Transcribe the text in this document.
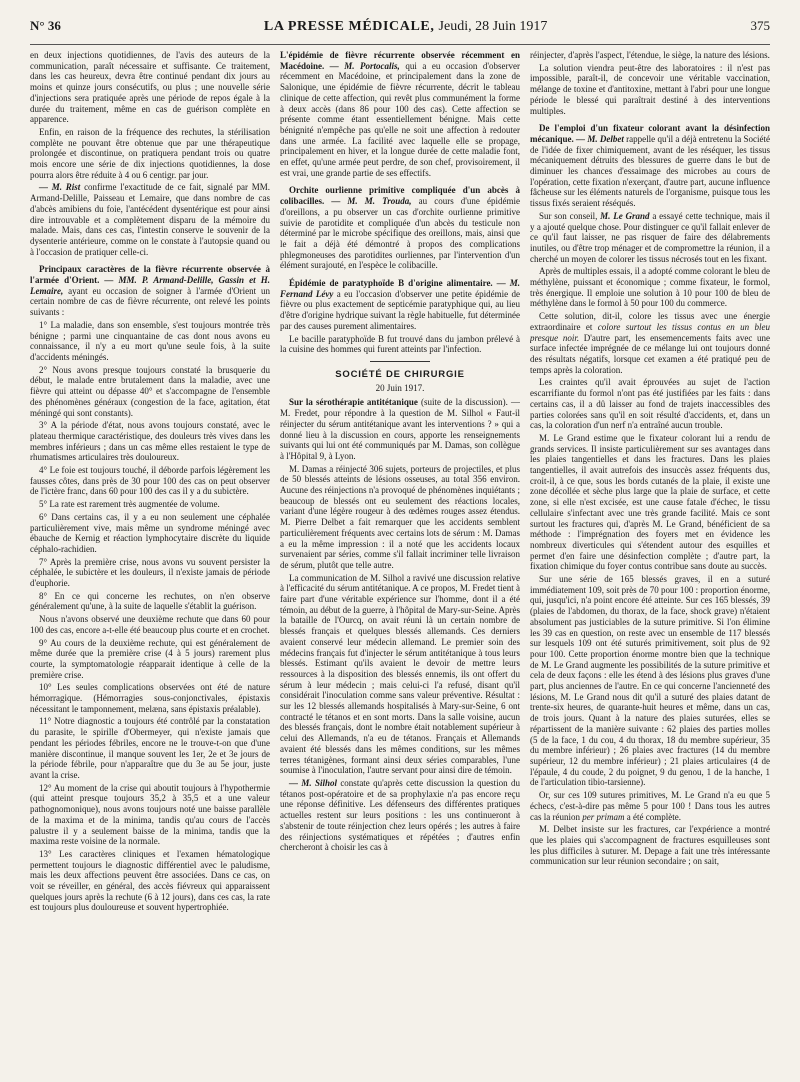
N° 36	LA PRESSE MÉDICALE, Jeudi, 28 Juin 1917	375

en deux injections quotidiennes, de l'avis des auteurs de la communication, paraît nécessaire et suffisante. Ce traitement, dans les cas heureux, devra être continué pendant dix jours au moins et quinze jours consécutifs, ou plus ; une nouvelle série d'injections sera pratiquée après une période de repos égale à la durée du traitement, même en cas de guérison complète en apparence.

Enfin, en raison de la fréquence des rechutes, la stérilisation complète ne pouvant être obtenue que par une thérapeutique prolongée et discontinue, on pratiquera pendant trois ou quatre mois encore une série de dix injections quotidiennes, la dose pourra alors être réduite à 4 ou 6 centigr. par jour.

— M. Rist confirme l'exactitude de ce fait, signalé par MM. Armand-Delille, Paisseau et Lemaire, que dans nombre de cas d'abcès amibiens du foie, l'antécédent dysentérique est pour ainsi dire introuvable et a complètement disparu de la mémoire du malade. Mais, dans ces cas, l'intestin conserve le souvenir de la dysenterie antérieure, comme on le constate à l'autopsie quand ou à l'occasion de pratiquer celle-ci.

Principaux caractères de la fièvre récurrente observée à l'armée d'Orient. — MM. P. Armand-Delille, Gassin et H. Lemaire, ayant eu occasion de soigner à l'armée d'Orient un certain nombre de cas de fièvre récurrente, ont relevé les points suivants :

1° La maladie, dans son ensemble, s'est toujours montrée très bénigne ; parmi une cinquantaine de cas dont nous avons eu connaissance, il n'y a eu mort qu'une seule fois, à la suite d'accidents méningés.

2° Nous avons presque toujours constaté la brusquerie du début, le malade entre brutalement dans la maladie, avec une fièvre qui atteint ou dépasse 40° et s'accompagne de l'ensemble des phénomènes généraux (congestion de la face, agitation, état méningé qui sont constants).

3° A la période d'état, nous avons toujours constaté, avec le plateau thermique caractéristique, des douleurs très vives dans les membres inférieurs ; dans un cas même elles restaient le type de rhumatismes articulaires très douloureux.

4° Le foie est toujours touché, il déborde parfois légèrement les fausses côtes, dans près de 30 pour 100 des cas on peut observer de l'ictère franc, dans 60 pour 100 des cas il y a du subictère.

5° La rate est rarement très augmentée de volume.

6° Dans certains cas, il y a eu non seulement une céphalée particulièrement vive, mais même un syndrome méningé avec ébauche de Kernig et réaction lymphocytaire discrète du liquide céphalo-rachidien.

7° Après la première crise, nous avons vu souvent persister la céphalée, le subictère et les douleurs, il n'existe jamais de période d'euphorie.

8° En ce qui concerne les rechutes, on n'en observe généralement qu'une, à la suite de laquelle s'établit la guérison.

Nous n'avons observé une deuxième rechute que dans 60 pour 100 des cas, encore a-t-elle été beaucoup plus courte et en crochet.

9° Au cours de la deuxième rechute, qui est généralement de même durée que la première crise (4 à 5 jours) rarement plus courte, la symptomatologie réapparait identique à celle de la première crise.

10° Les seules complications observées ont été de nature hémorragique. (Hémorragies sous-conjonctivales, épistaxis nécessitant le tamponnement, melæna, sans épistaxis préalable).

11° Notre diagnostic a toujours été contrôlé par la constatation du parasite, le spirille d'Obermeyer, qui n'existe jamais que pendant les périodes fébriles, encore ne le trouve-t-on que d'une manière discontinue, il manque souvent les 1er, 2e et 3e jours de la période fébrile, pour n'apparaître que du 3e au 5e jour, juste avant la crise.

12° Au moment de la crise qui aboutit toujours à l'hypothermie (qui atteint presque toujours 35,2 à 35,5 et a une valeur pathognomonique), nous avons toujours noté une baisse parallèle de la maxima et de la minima, tandis qu'au cours de l'accès palustre il y a seulement baisse de la minima, tandis que la maxima reste voisine de la normale.

13° Les caractères cliniques et l'examen hématologique permettent toujours le diagnostic différentiel avec le paludisme, mais les deux affections peuvent être associées. Dans ce cas, on voit se réveiller, en général, des accès fiévreux qui apparaissent quelques jours après la rechute (6 à 12 jours), dans ces cas, la rate est toujours plus douloureuse et souvent hypertrophiée.

L'épidémie de fièvre récurrente observée récemment en Macédoine. — M. Portocalis, qui a eu occasion d'observer récemment en Macédoine, et principalement dans la zone de Salonique, une épidémie de fièvre récurrente, décrit le tableau clinique de cette affection, qui revêt plus communément la forme à deux accès (dans 86 pour 100 des cas). Cette affection se présente comme étant essentiellement bénigne. Mais cette bénignité n'empêche pas qu'elle ne soit une affection à redouter dans une armée. La facilité avec laquelle elle se propage, principalement en hiver, et la longue durée de cette maladie font, en effet, qu'une armée peut perdre, de son chef, provisoirement, il est vrai, une grande partie de ses effectifs.

Orchite ourlienne primitive compliquée d'un abcès à colibacilles. — M. M. Trouda, au cours d'une épidémie d'oreillons, a pu observer un cas d'orchite ourlienne primitive suivie de parotidite et compliquée d'un abcès du testicule non déterminé par le microbe spécifique des oreillons, mais, ainsi que le fait a déjà été démontré à propos des complications phlegmoneuses des parotidites ourliennes, par l'intervention d'un élément surajouté, en l'espèce le colibacille.

Épidémie de paratyphoïde B d'origine alimentaire. — M. Fernand Lévy a eu l'occasion d'observer une petite épidémie de fièvre ou plus exactement de septicémie paratyphique qui, au lieu d'être d'origine hydrique suivant la règle habituelle, fut déterminée par des causes purement alimentaires.

Le bacille paratyphoïde B fut trouvé dans du jambon prélevé à la cuisine des hommes qui furent atteints par l'infection.

SOCIÉTÉ DE CHIRURGIE
20 Juin 1917.

Sur la sérothérapie antitétanique (suite de la discussion). — M. Fredet, pour répondre à la question de M. Silhol « Faut-il réinjecter du sérum antitétanique avant les interventions ? » qui a donné lieu à la discussion en cours, apporte les renseignements suivants qui lui ont été communiqués par M. Damas, son collègue à l'Hôpital 9, à Lyon.

M. Damas a réinjecté 306 sujets, porteurs de projectiles, et plus de 50 blessés atteints de lésions osseuses, au total 356 environ. Aucune des réinjections n'a provoqué de phénomènes inquiétants ; beaucoup de blessés ont eu seulement des réactions locales, variant d'une légère rougeur à des œdèmes rouges assez étendus. M. Pierre Delbet a fait remarquer que les accidents semblent particulièrement fréquents avec certains lots de sérum : M. Damas a eu la même impression : il a noté que les accidents locaux survenaient par séries, comme s'il fallait incriminer telle livraison de sérum, plutôt que telle autre.

La communication de M. Silhol a ravivé une discussion relative à l'efficacité du sérum antitétanique. A ce propos, M. Fredet tient à faire part d'une véritable expérience sur l'homme, dont il a été témoin, au début de la guerre, à l'hôpital de Mary-sur-Seine. Après la bataille de l'Ourcq, on avait réuni là un certain nombre de blessés français et quelques blessés allemands. Ces derniers avaient conservé leur médecin allemand. Le premier soin des médecins français fut d'injecter le sérum antitétanique à tous leurs blessés. Estimant qu'ils avaient le devoir de mettre leurs ressources à la disposition des blessés ennemis, ils ont offert du sérum à leur médecin ; mais celui-ci l'a refusé, disant qu'il considérait l'inoculation comme sans valeur préventive. Résultat : sur les 12 blessés allemands hospitalisés à Mary-sur-Seine, 6 ont contracté le tétanos et en sont morts. Dans la salle voisine, aucun des blessés français, dont le nombre était notablement supérieur à celui des Allemands, n'a eu de tétanos. Français et Allemands avaient été blessés dans les mêmes conditions, sur les mêmes terres tétanigènes, formant ainsi deux séries comparables, l'une soumise à l'inoculation, l'autre servant pour ainsi dire de témoin.

— M. Silhol constate qu'après cette discussion la question du tétanos post-opératoire et de sa prophylaxie n'a pas encore reçu une réponse définitive. Les défenseurs des différentes pratiques actuelles restent sur leurs positions : les uns continueront à s'abstenir de toute réinjection chez leurs opérés ; les autres à faire des réinjections systématiques et répétées ; d'autres enfin chercheront à choisir les cas à

réinjecter, d'après l'aspect, l'étendue, le siège, la nature des lésions.

La solution viendra peut-être des laboratoires : il n'est pas impossible, paraît-il, de concevoir une véritable vaccination, mélange de toxine et d'antitoxine, mettant à l'abri pour une longue période le blessé qui paraîtrait destiné à des interventions multiples.

De l'emploi d'un fixateur colorant avant la désinfection mécanique. — M. Delbet rappelle qu'il a déjà entretenu la Société de l'idée de fixer chimiquement, avant de les réséquer, les tissus mécaniquement détruits des blessures de guerre dans le but de diminuer les chances d'essaimage des microbes au cours de l'opération, cette fixation n'exerçant, d'autre part, aucune influence fâcheuse sur les éléments naturels de l'organisme, puisque tous les tissus fixés seraient réséqués.

Sur son conseil, M. Le Grand a essayé cette technique, mais il y a ajouté quelque chose. Pour distinguer ce qu'il fallait enlever de ce qu'il faut laisser, ne pas risquer de faire des délabrements inutiles, ou d'être trop ménager et de compromettre la réunion, il a cherché un moyen de colorer les tissus nécrosés tout en les fixant.

Après de multiples essais, il a adopté comme colorant le bleu de méthylène, puissant et économique ; comme fixateur, le formol, très énergique. Il emploie une solution à 10 pour 100 de bleu de méthylène dans le formol à 50 pour 100 du commerce.

Cette solution, dit-il, colore les tissus avec une énergie extraordinaire et colore surtout les tissus contus en un bleu presque noir. D'autre part, les ensemencements faits avec une surface infectée imprégnée de ce mélange lui ont toujours donné des résultats négatifs, lorsque cet examen a été pratiqué peu de temps après la coloration.

Les craintes qu'il avait éprouvées au sujet de l'action escarrifiante du formol n'ont pas été justifiées par les faits : dans certains cas, il a dû laisser au fond de trajets inaccessibles des parties colorées sans qu'il en soit résulté d'accidents, et, dans un cas, la coloration d'un nerf n'a entraîné aucun trouble.

M. Le Grand estime que le fixateur colorant lui a rendu de grands services. Il insiste particulièrement sur ses avantages dans les plaies tangentielles et dans les fractures. Dans les plaies tangentielles, il avait autrefois des insuccès assez fréquents dus, croit-il, à ce que, sous les bords cutanés de la plaie, il existe une zone décollée et sèche plus large que la plaie de surface, et cette zone, si elle n'est excisée, est une cause fatale d'échec, le tissu cellulaire s'infectant avec une très grande facilité. Mais ce sont surtout les fractures qui, d'après M. Le Grand, bénéficient de sa méthode : l'imprégnation des foyers met en évidence les nombreux diverticules qui s'étendent autour des esquilles et permet d'en faire une désinfection complète ; d'autre part, la fixation chimique du foyer contus contribue sans doute au succès.

Sur une série de 165 blessés graves, il en a suturé immédiatement 109, soit près de 70 pour 100 : proportion énorme, qui, jusqu'ici, n'a point encore été atteinte. Sur ces 165 blessés, 39 (plaies de l'abdomen, du thorax, de la face, shock grave) n'étaient absolument pas justiciables de la suture primitive. Si l'on élimine les 39 cas en question, on reste avec un ensemble de 117 blessés sur lesquels 109 ont été suturés primitivement, soit plus de 92 pour 100. Cette proportion énorme montre bien que la technique de M. Le Grand augmente les possibilités de la suture primitive et cela de deux façons : elle les étend à des lésions plus graves d'une part, plus anciennes de l'autre. En ce qui concerne l'ancienneté des lésions, M. Le Grand nous dit qu'il a suturé des plaies datant de trente-six heures, de quarante-huit heures et même, dans un cas, de trois jours. Quant à la nature des plaies suturées, elles se répartissent de la manière suivante : 62 plaies des parties molles (5 de la face, 1 du cou, 4 du thorax, 18 du membre supérieur, 35 du membre inférieur) ; 26 plaies avec fractures (14 du membre supérieur, 12 du membre inférieur) ; 21 plaies articulaires (4 de l'épaule, 4 du coude, 2 du poignet, 9 du genou, 1 de la hanche, 1 de l'articulation tibio-tarsienne).

Or, sur ces 109 sutures primitives, M. Le Grand n'a eu que 5 échecs, c'est-à-dire pas même 5 pour 100 ! Dans tous les autres cas la réunion per primam a été complète.

M. Delbet insiste sur les fractures, car l'expérience a montré que les plaies qui s'accompagnent de fractures esquilleuses sont les plus difficiles à suturer. M. Depage a fait une très intéressante communication sur leur réunion secondaire ; on sait,
